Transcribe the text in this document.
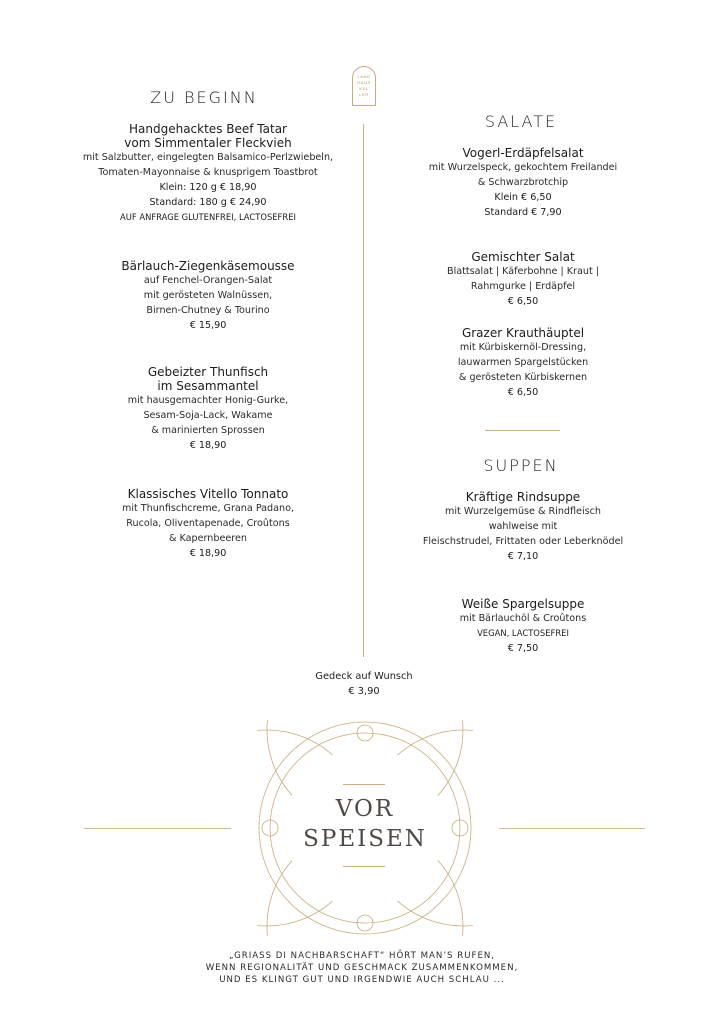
LAND
HAUS
KEL
LER
ZU BEGINN
Handgehacktes Beef Tatar
vom Simmentaler Fleckvieh
mit Salzbutter, eingelegten Balsamico-Perlzwiebeln,
Tomaten-Mayonnaise & knusprigem Toastbrot
Klein: 120 g € 18,90
Standard: 180 g € 24,90
AUF ANFRAGE GLUTENFREI, LACTOSEFREI
Bärlauch-Ziegenkäsemousse
auf Fenchel-Orangen-Salat
mit gerösteten Walnüssen,
Birnen-Chutney & Tourino
€ 15,90
Gebeizter Thunfisch
im Sesammantel
mit hausgemachter Honig-Gurke,
Sesam-Soja-Lack, Wakame
& marinierten Sprossen
€ 18,90
Klassisches Vitello Tonnato
mit Thunfischcreme, Grana Padano,
Rucola, Oliventapenade, Croûtons
& Kapernbeeren
€ 18,90
SALATE
Vogerl-Erdäpfelsalat
mit Wurzelspeck, gekochtem Freilandei
& Schwarzbrotchip
Klein € 6,50
Standard € 7,90
Gemischter Salat
Blattsalat | Käferbohne | Kraut |
Rahmgurke | Erdäpfel
€ 6,50
Grazer Krauthäuptel
mit Kürbiskernöl-Dressing,
lauwarmen Spargelstücken
& gerösteten Kürbiskernen
€ 6,50
Kräftige Rindsuppe
mit Wurzelgemüse & Rindfleisch
wahlweise mit
Fleischstrudel, Frittaten oder Leberknödel
€ 7,10
Weiße Spargelsuppe
mit Bärlauchöl & Croûtons
VEGAN, LACTOSEFREI
€ 7,50
SUPPEN
Gedeck auf Wunsch
€ 3,90
VOR
SPEISEN
„GRIASS DI NACHBARSCHAFT“ HÖRT MAN’S RUFEN,
WENN REGIONALITÄT UND GESCHMACK ZUSAMMENKOMMEN,
UND ES KLINGT GUT UND IRGENDWIE AUCH SCHLAU ...
